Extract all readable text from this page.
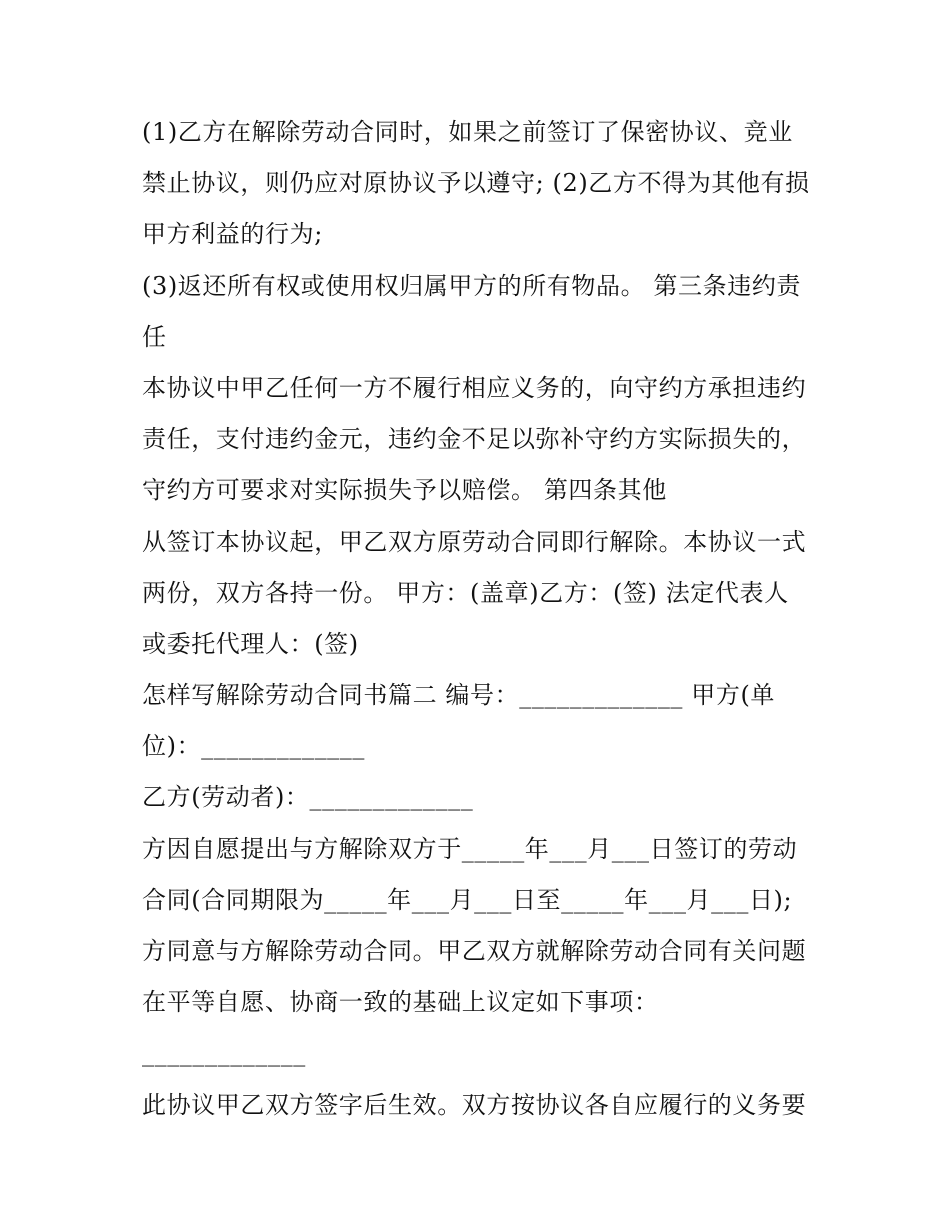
(1)乙方在解除劳动合同时，如果之前签订了保密协议、竞业
禁止协议，则仍应对原协议予以遵守; (2)乙方不得为其他有损
甲方利益的行为;
(3)返还所有权或使用权归属甲方的所有物品。 第三条违约责
任
本协议中甲乙任何一方不履行相应义务的，向守约方承担违约
责任，支付违约金元，违约金不足以弥补守约方实际损失的，
守约方可要求对实际损失予以赔偿。 第四条其他
从签订本协议起，甲乙双方原劳动合同即行解除。本协议一式
两份，双方各持一份。 甲方：(盖章)乙方：(签) 法定代表人
或委托代理人：(签)
怎样写解除劳动合同书篇二 编号：_____________ 甲方(单
位)：_____________
乙方(劳动者)：_____________
方因自愿提出与方解除双方于_____年___月___日签订的劳动
合同(合同期限为_____年___月___日至_____年___月___日);
方同意与方解除劳动合同。甲乙双方就解除劳动合同有关问题
在平等自愿、协商一致的基础上议定如下事项：
_____________
此协议甲乙双方签字后生效。双方按协议各自应履行的义务要
